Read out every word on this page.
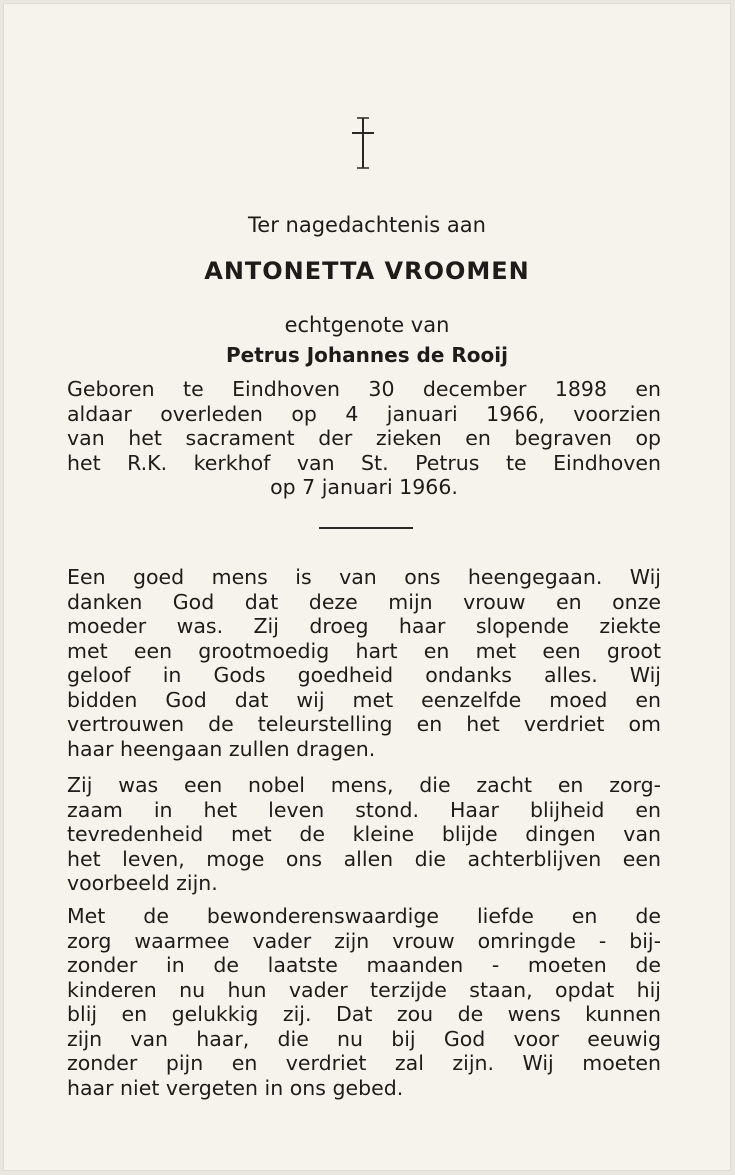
Ter nagedachtenis aan
ANTONETTA VROOMEN
echtgenote van
Petrus Johannes de Rooij
Geboren te Eindhoven 30 december 1898 en
aldaar overleden op 4 januari 1966, voorzien
van het sacrament der zieken en begraven op
het R.K. kerkhof van St. Petrus te Eindhoven
op 7 januari 1966.
Een goed mens is van ons heengegaan. Wij
danken God dat deze mijn vrouw en onze
moeder was. Zij droeg haar slopende ziekte
met een grootmoedig hart en met een groot
geloof in Gods goedheid ondanks alles. Wij
bidden God dat wij met eenzelfde moed en
vertrouwen de teleurstelling en het verdriet om
haar heengaan zullen dragen.
Zij was een nobel mens, die zacht en zorg-
zaam in het leven stond. Haar blijheid en
tevredenheid met de kleine blijde dingen van
het leven, moge ons allen die achterblijven een
voorbeeld zijn.
Met de bewonderenswaardige liefde en de
zorg waarmee vader zijn vrouw omringde - bij-
zonder in de laatste maanden - moeten de
kinderen nu hun vader terzijde staan, opdat hij
blij en gelukkig zij. Dat zou de wens kunnen
zijn van haar, die nu bij God voor eeuwig
zonder pijn en verdriet zal zijn. Wij moeten
haar niet vergeten in ons gebed.
